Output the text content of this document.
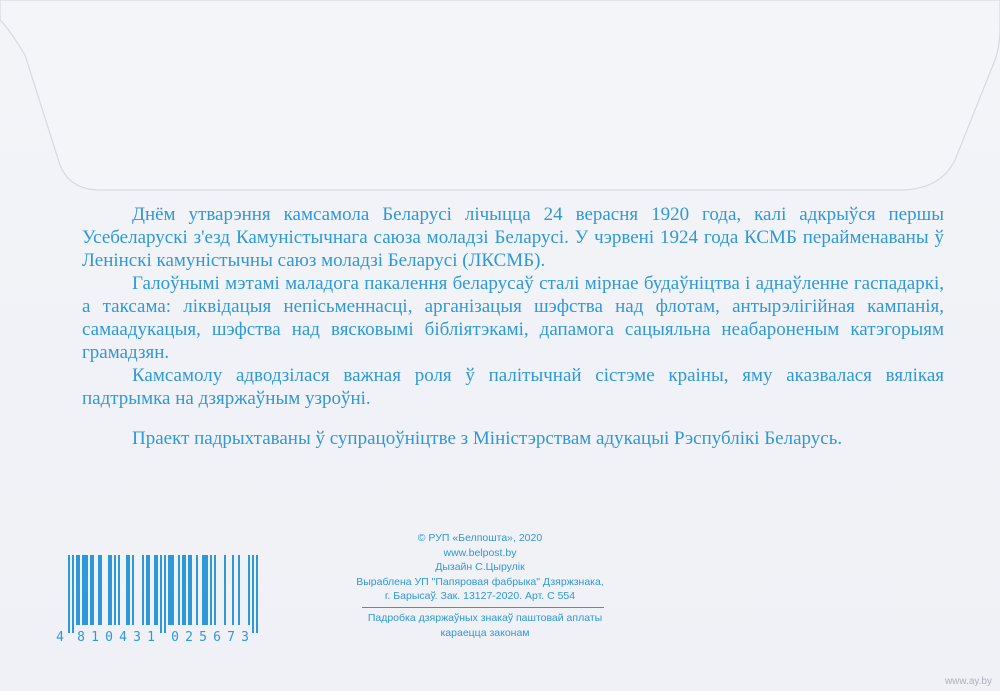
Днём утварэння камсамола Беларусі лічыцца 24 верасня 1920 года, калі адкрыўся першы Усебеларускі з'езд Камуністычнага саюза моладзі Беларусі. У чэрвені 1924 года КСМБ перайменаваны ў Ленінскі камуністычны саюз моладзі Беларусі (ЛКСМБ).

Галоўнымі мэтамі маладога пакалення беларусаў сталі мірнае будаўніцтва і аднаўленне гаспадаркі, а таксама: ліквідацыя непісьменнасці, арганізацыя шэфства над флотам, антырэлігійная кампанія, самаадукацыя, шэфства над вясковымі бібліятэкамі, дапамога сацыяльна неабароненым катэгорыям грамадзян.

Камсамолу адводзілася важная роля ў палітычнай сістэме краіны, яму аказвалася вялікая падтрымка на дзяржаўным узроўні.

Праект падрыхтаваны ў супрацоўніцтве з Міністэрствам адукацыі Рэспублікі Беларусь.

© РУП «Белпошта», 2020
www.belpost.by
Дызайн С.Цырулік
Выраблена УП "Папяровая фабрыка" Дзяржзнака,
г. Барысаў. Зак. 13127-2020. Арт. С 554
Падробка дзяржаўных знакаў паштовай аплаты
караецца законам
4 8 1 0 4 3 1 0 2 5 6 7 3
www.ay.by
